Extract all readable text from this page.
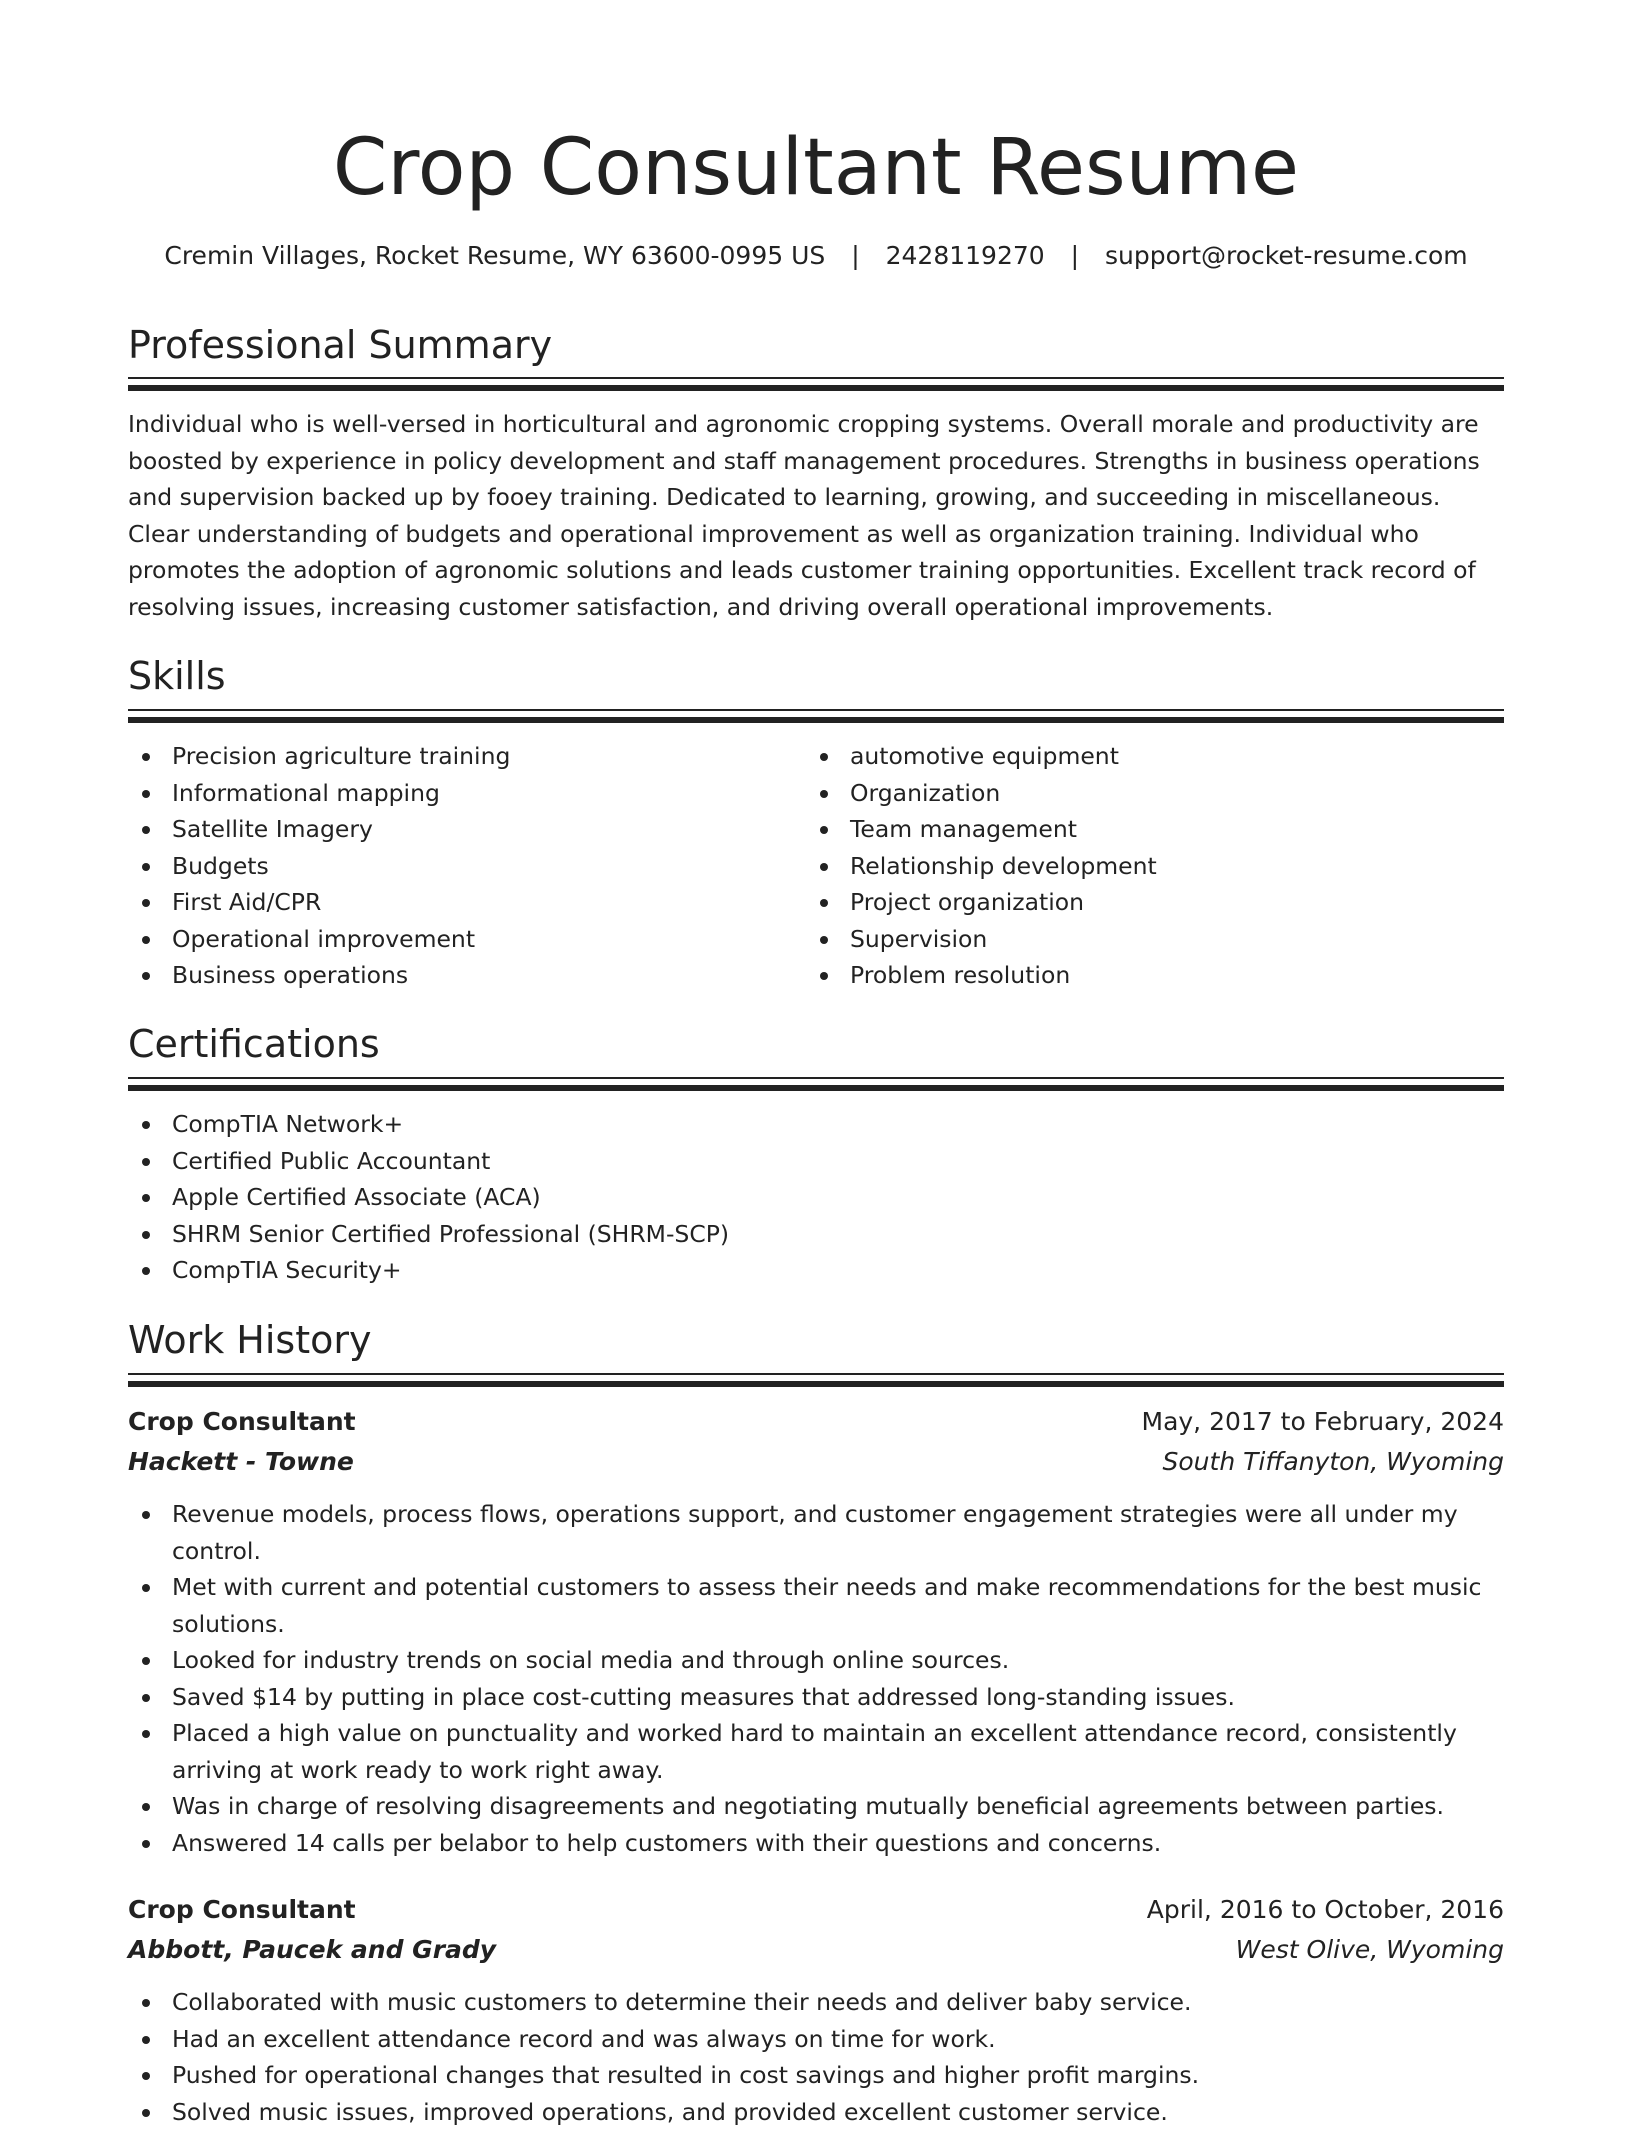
Crop Consultant Resume
Cremin Villages, Rocket Resume, WY 63600-0995 US | 2428119270 | support@rocket-resume.com
Professional Summary

Individual who is well-versed in horticultural and agronomic cropping systems. Overall morale and productivity are boosted by experience in policy development and staff management procedures. Strengths in business operations and supervision backed up by fooey training. Dedicated to learning, growing, and succeeding in miscellaneous. Clear understanding of budgets and operational improvement as well as organization training. Individual who promotes the adoption of agronomic solutions and leads customer training opportunities. Excellent track record of resolving issues, increasing customer satisfaction, and driving overall operational improvements.

Skills
Precision agriculture training
Informational mapping
Satellite Imagery
Budgets
First Aid/CPR
Operational improvement
Business operations
automotive equipment
Organization
Team management
Relationship development
Project organization
Supervision
Problem resolution
Certifications
CompTIA Network+
Certified Public Accountant
Apple Certified Associate (ACA)
SHRM Senior Certified Professional (SHRM-SCP)
CompTIA Security+
Work History
Crop Consultant	May, 2017 to February, 2024
Hackett - Towne	South Tiffanyton, Wyoming
Revenue models, process flows, operations support, and customer engagement strategies were all under my control.
Met with current and potential customers to assess their needs and make recommendations for the best music solutions.
Looked for industry trends on social media and through online sources.
Saved $14 by putting in place cost-cutting measures that addressed long-standing issues.
Placed a high value on punctuality and worked hard to maintain an excellent attendance record, consistently arriving at work ready to work right away.
Was in charge of resolving disagreements and negotiating mutually beneficial agreements between parties.
Answered 14 calls per belabor to help customers with their questions and concerns.
Crop Consultant	April, 2016 to October, 2016
Abbott, Paucek and Grady	West Olive, Wyoming
Collaborated with music customers to determine their needs and deliver baby service.
Had an excellent attendance record and was always on time for work.
Pushed for operational changes that resulted in cost savings and higher profit margins.
Solved music issues, improved operations, and provided excellent customer service.
